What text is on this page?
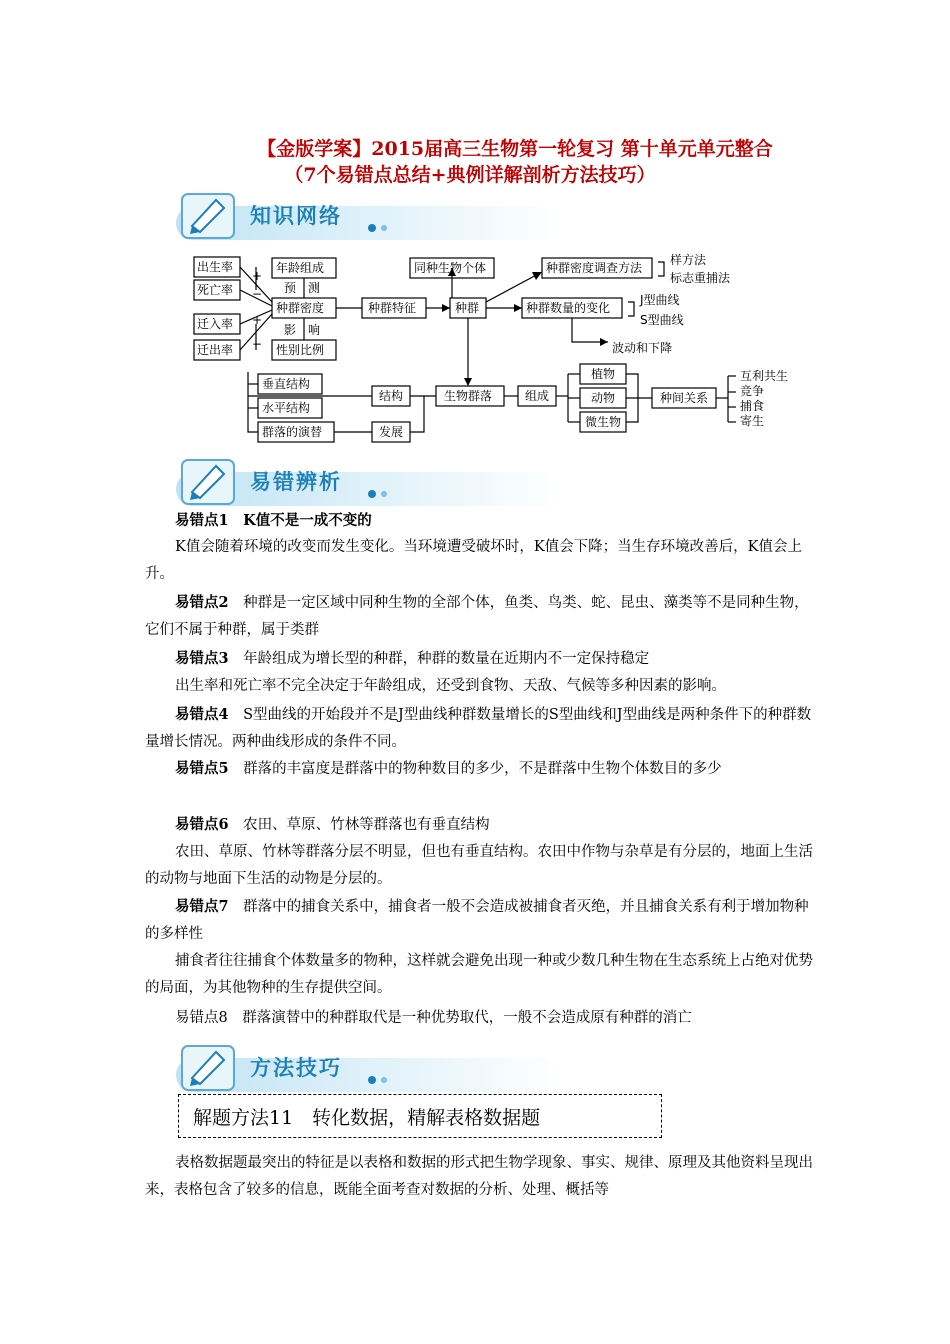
【金版学案】2015届高三生物第一轮复习 第十单元单元整合
（7个易错点总结+典例详解剖析方法技巧）
知识网络
出生率
死亡率
迁入率
迁出率
年龄组成
预　测
种群密度
影　响
性别比例
种群特征	种群
同种生物个体	种群密度调查方法
样方法
标志重捕法
种群数量的变化
J型曲线
S型曲线
波动和下降
垂直结构
水平结构
群落的演替
结构
发展
生物群落	组成
植物
动物
微生物
种间关系
互利共生
竞争
捕食
寄生
+
−
+
−
易错辨析
易错点1　K值不是一成不变的
K值会随着环境的改变而发生变化。当环境遭受破坏时，K值会下降；当生存环境改善后，K值会上升。
易错点2　 种群是一定区域中同种生物的全部个体，鱼类、鸟类、蛇、昆虫、藻类等不是同种生物，它们不属于种群，属于类群
易错点3　 年龄组成为增长型的种群，种群的数量在近期内不一定保持稳定
出生率和死亡率不完全决定于年龄组成，还受到食物、天敌、气候等多种因素的影响。
易错点4　 S型曲线的开始段并不是J型曲线种群数量增长的S型曲线和J型曲线是两种条件下的种群数量增长情况。两种曲线形成的条件不同。
易错点5　 群落的丰富度是群落中的物种数目的多少，不是群落中生物个体数目的多少
易错点6　 农田、草原、竹林等群落也有垂直结构
农田、草原、竹林等群落分层不明显，但也有垂直结构。农田中作物与杂草是有分层的，地面上生活的动物与地面下生活的动物是分层的。
易错点7　 群落中的捕食关系中，捕食者一般不会造成被捕食者灭绝，并且捕食关系有利于增加物种的多样性
捕食者往往捕食个体数量多的物种，这样就会避免出现一种或少数几种生物在生态系统上占绝对优势的局面，为其他物种的生存提供空间。
易错点8　 群落演替中的种群取代是一种优势取代，一般不会造成原有种群的消亡
方法技巧
解题方法11　转化数据，精解表格数据题
表格数据题最突出的特征是以表格和数据的形式把生物学现象、事实、规律、原理及其他资料呈现出来，表格包含了较多的信息，既能全面考查对数据的分析、处理、概括等
